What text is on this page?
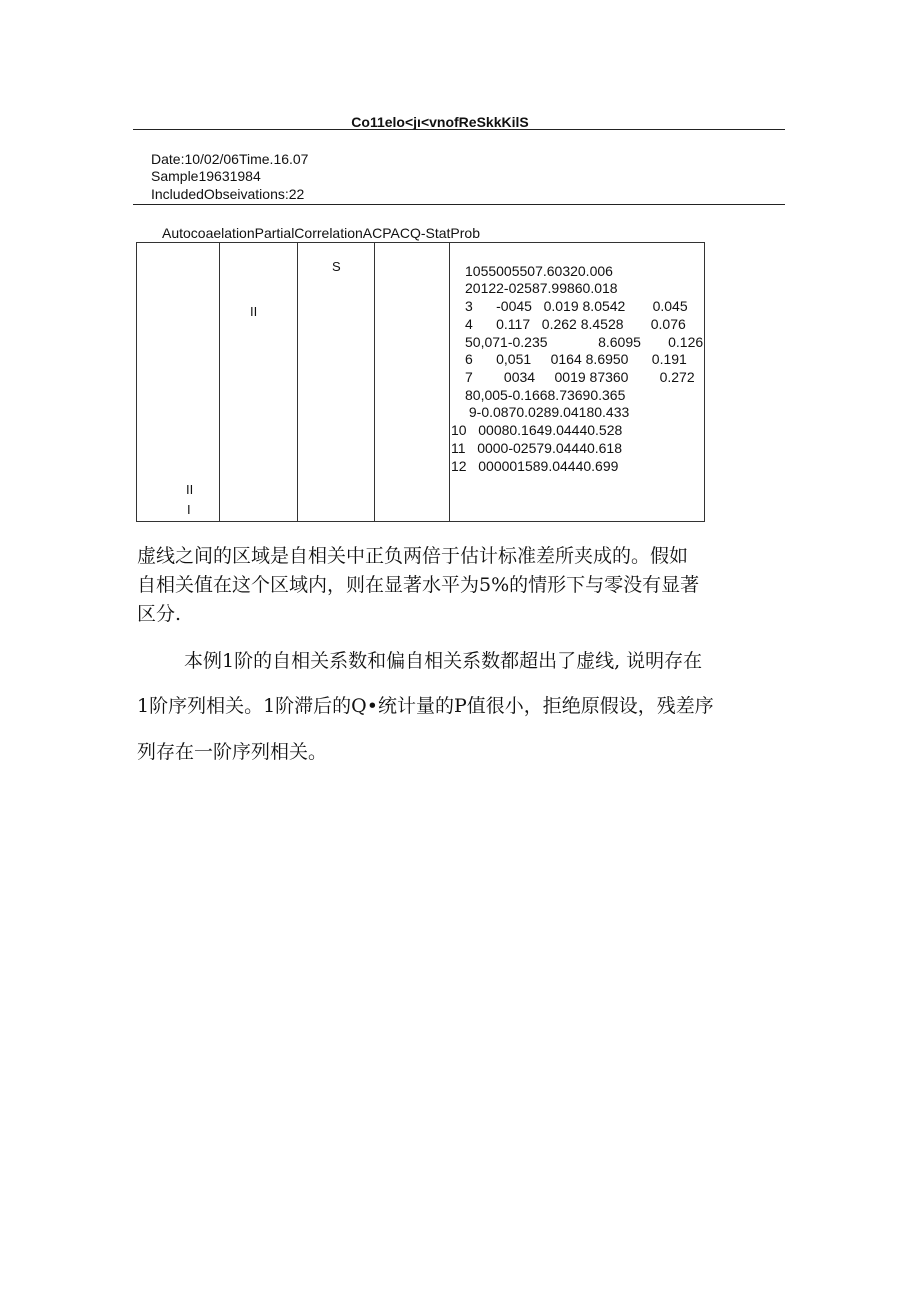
Co11elo<jı<vnofReSkkKilS
Date:10/02/06Time.16.07
Sample19631984
IncludedObseivations:22
AutocoaelationPartialCorrelationACPACQ-StatProb
II
S
II
I
1055005507.60320.006
20122-02587.99860.018
3      -0045   0.019 8.0542       0.045
4      0.117   0.262 8.4528       0.076
50,071-0.235             8.6095       0.126
6      0,051     0164 8.6950      0.191
7        0034     0019 87360        0.272
80,005-0.1668.73690.365
9-0.0870.0289.04180.433
10   00080.1649.04440.528
11   0000-02579.04440.618
12   000001589.04440.699
虚线之间的区域是自相关中正负两倍于估计标准差所夹成的。假如
自相关值在这个区域内，则在显著水平为5%的情形下与零没有显著
区分.
本例1阶的自相关系数和偏自相关系数都超出了虚线, 说明存在
1阶序列相关。1阶滞后的Q•统计量的P值很小，拒绝原假设，残差序
列存在一阶序列相关。
